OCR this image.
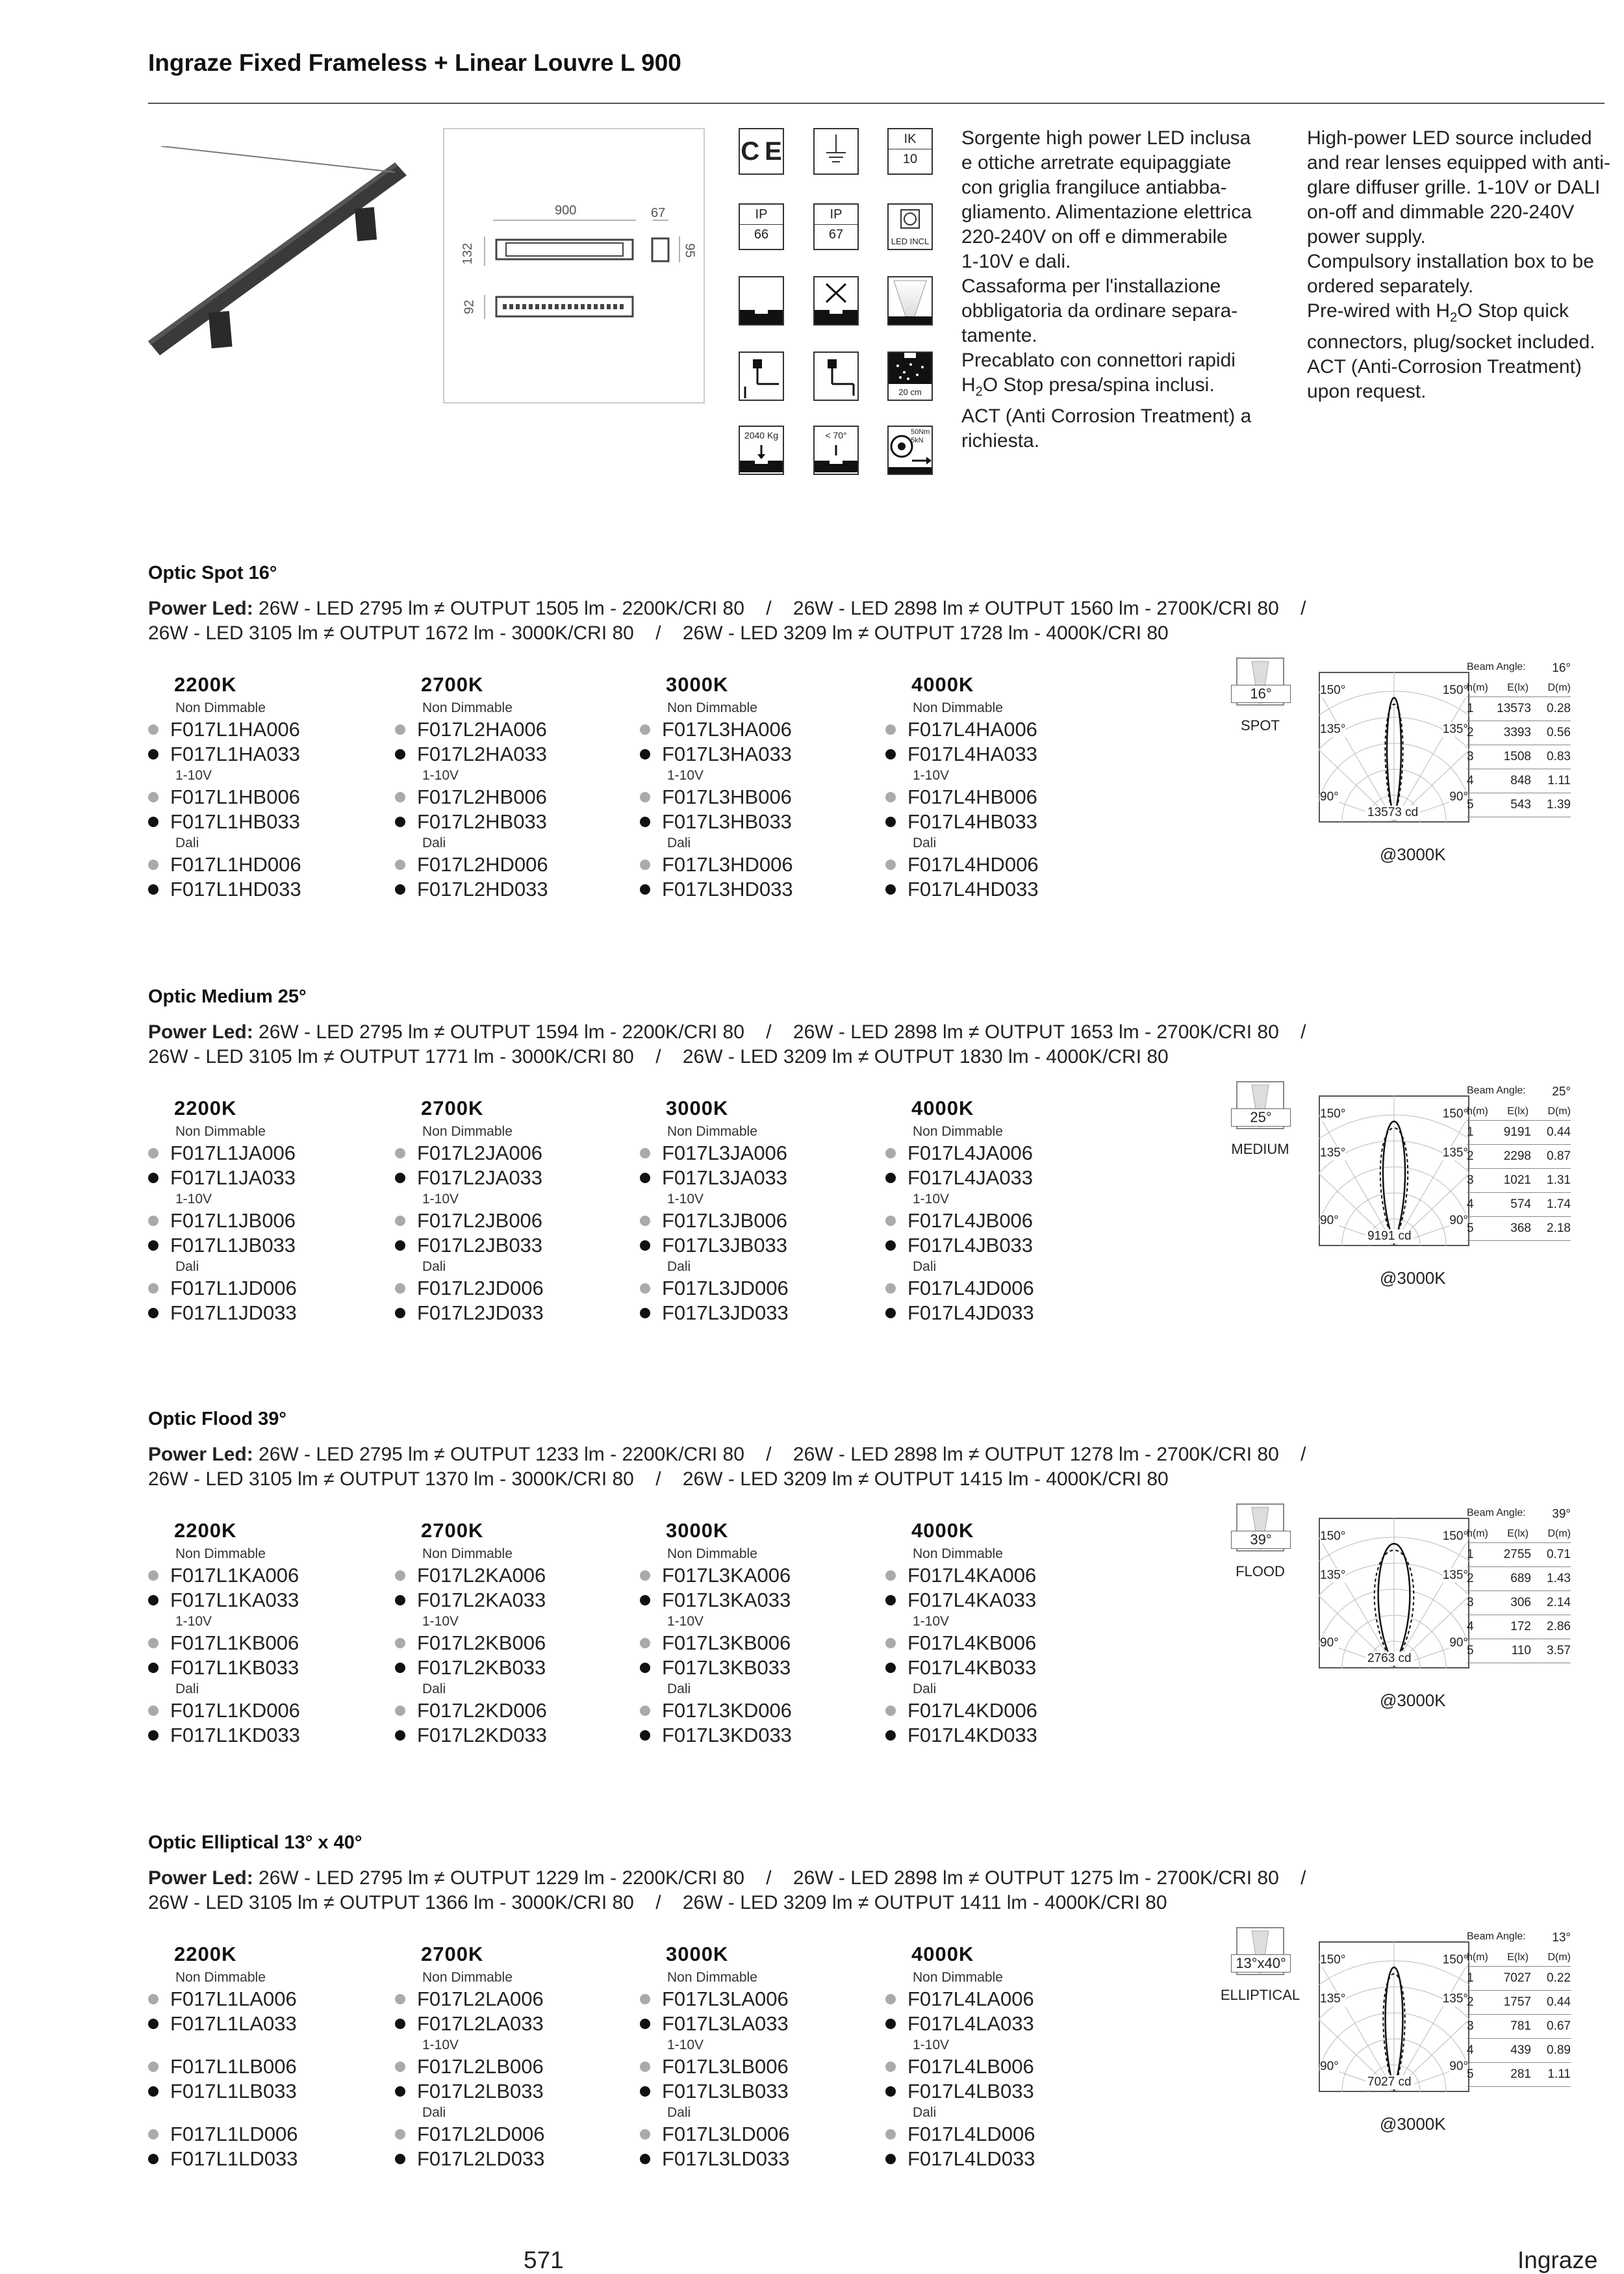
Ingraze Fixed Frameless + Linear Louvre L 900
900	67
132	95
92
C E	IK
10
IP
66
IP
67	LED INCL
20 cm
2040 Kg	< 70°	50Nm 5kN
Sorgente high power LED inclusa
e ottiche arretrate equipaggiate
con griglia frangiluce antiabba-
gliamento. Alimentazione elettrica
220-240V on off e dimmerabile
1-10V e dali.
Cassaforma per l'installazione
obbligatoria da ordinare separa-
tamente.
Precablato con connettori rapidi
$H_2O$ Stop presa/spina inclusi.
ACT (Anti Corrosion Treatment) a
richiesta.
High-power LED source included
and rear lenses equipped with anti-
glare diffuser grille. 1-10V or DALI
on-off and dimmable 220-240V
power supply.
Compulsory installation box to be
ordered separately.
Pre-wired with $H_2O$ Stop quick
connectors, plug/socket included.
ACT (Anti-Corrosion Treatment)
upon request.
Optic Spot 16°
Power Led: 26W - LED 2795 lm ≠ OUTPUT 1505 lm - 2200K/CRI 80    /    26W - LED 2898 lm ≠ OUTPUT 1560 lm - 2700K/CRI 80    /
26W - LED 3105 lm ≠ OUTPUT 1672 lm - 3000K/CRI 80    /    26W - LED 3209 lm ≠ OUTPUT 1728 lm - 4000K/CRI 80
2200K
Non Dimmable
F017L1HA006
F017L1HA033
1-10V
F017L1HB006
F017L1HB033
Dali
F017L1HD006
F017L1HD033
2700K
Non Dimmable
F017L2HA006
F017L2HA033
1-10V
F017L2HB006
F017L2HB033
Dali
F017L2HD006
F017L2HD033
3000K
Non Dimmable
F017L3HA006
F017L3HA033
1-10V
F017L3HB006
F017L3HB033
Dali
F017L3HD006
F017L3HD033
4000K
Non Dimmable
F017L4HA006
F017L4HA033
1-10V
F017L4HB006
F017L4HB033
Dali
F017L4HD006
F017L4HD033
16°
SPOT
150°	150°
135°	135°
90°	90°
13573 cd
@3000K
Beam Angle: 16°
h(m) E(lx) D(m)
1	13573	0.28
2	3393	0.56
3	1508	0.83
4	848	1.11
5	543	1.39
Optic Medium 25°
Power Led: 26W - LED 2795 lm ≠ OUTPUT 1594 lm - 2200K/CRI 80    /    26W - LED 2898 lm ≠ OUTPUT 1653 lm - 2700K/CRI 80    /
26W - LED 3105 lm ≠ OUTPUT 1771 lm - 3000K/CRI 80    /    26W - LED 3209 lm ≠ OUTPUT 1830 lm - 4000K/CRI 80
2200K
Non Dimmable
F017L1JA006
F017L1JA033
1-10V
F017L1JB006
F017L1JB033
Dali
F017L1JD006
F017L1JD033
2700K
Non Dimmable
F017L2JA006
F017L2JA033
1-10V
F017L2JB006
F017L2JB033
Dali
F017L2JD006
F017L2JD033
3000K
Non Dimmable
F017L3JA006
F017L3JA033
1-10V
F017L3JB006
F017L3JB033
Dali
F017L3JD006
F017L3JD033
4000K
Non Dimmable
F017L4JA006
F017L4JA033
1-10V
F017L4JB006
F017L4JB033
Dali
F017L4JD006
F017L4JD033
25°
MEDIUM
150°	150°
135°	135°
90°	90°
9191 cd
@3000K
Beam Angle: 25°
h(m) E(lx) D(m)
1	9191	0.44
2	2298	0.87
3	1021	1.31
4	574	1.74
5	368	2.18
Optic Flood 39°
Power Led: 26W - LED 2795 lm ≠ OUTPUT 1233 lm - 2200K/CRI 80    /    26W - LED 2898 lm ≠ OUTPUT 1278 lm - 2700K/CRI 80    /
26W - LED 3105 lm ≠ OUTPUT 1370 lm - 3000K/CRI 80    /    26W - LED 3209 lm ≠ OUTPUT 1415 lm - 4000K/CRI 80
2200K
Non Dimmable
F017L1KA006
F017L1KA033
1-10V
F017L1KB006
F017L1KB033
Dali
F017L1KD006
F017L1KD033
2700K
Non Dimmable
F017L2KA006
F017L2KA033
1-10V
F017L2KB006
F017L2KB033
Dali
F017L2KD006
F017L2KD033
3000K
Non Dimmable
F017L3KA006
F017L3KA033
1-10V
F017L3KB006
F017L3KB033
Dali
F017L3KD006
F017L3KD033
4000K
Non Dimmable
F017L4KA006
F017L4KA033
1-10V
F017L4KB006
F017L4KB033
Dali
F017L4KD006
F017L4KD033
39°
FLOOD
150°	150°
135°	135°
90°	90°
2763 cd
@3000K
Beam Angle: 39°
h(m) E(lx) D(m)
1	2755	0.71
2	689	1.43
3	306	2.14
4	172	2.86
5	110	3.57
Optic Elliptical 13° x 40°
Power Led: 26W - LED 2795 lm ≠ OUTPUT 1229 lm - 2200K/CRI 80    /    26W - LED 2898 lm ≠ OUTPUT 1275 lm - 2700K/CRI 80    /
26W - LED 3105 lm ≠ OUTPUT 1366 lm - 3000K/CRI 80    /    26W - LED 3209 lm ≠ OUTPUT 1411 lm - 4000K/CRI 80
2200K
Non Dimmable
F017L1LA006
F017L1LA033
F017L1LB006
F017L1LB033
F017L1LD006
F017L1LD033
2700K
Non Dimmable
F017L2LA006
F017L2LA033
1-10V
F017L2LB006
F017L2LB033
Dali
F017L2LD006
F017L2LD033
3000K
Non Dimmable
F017L3LA006
F017L3LA033
1-10V
F017L3LB006
F017L3LB033
Dali
F017L3LD006
F017L3LD033
4000K
Non Dimmable
F017L4LA006
F017L4LA033
1-10V
F017L4LB006
F017L4LB033
Dali
F017L4LD006
F017L4LD033
13°x40°
ELLIPTICAL
150°	150°
135°	135°
90°	90°
7027 cd
@3000K
Beam Angle: 13°
h(m) E(lx) D(m)
1	7027	0.22
2	1757	0.44
3	781	0.67
4	439	0.89
5	281	1.11
571	Ingraze
